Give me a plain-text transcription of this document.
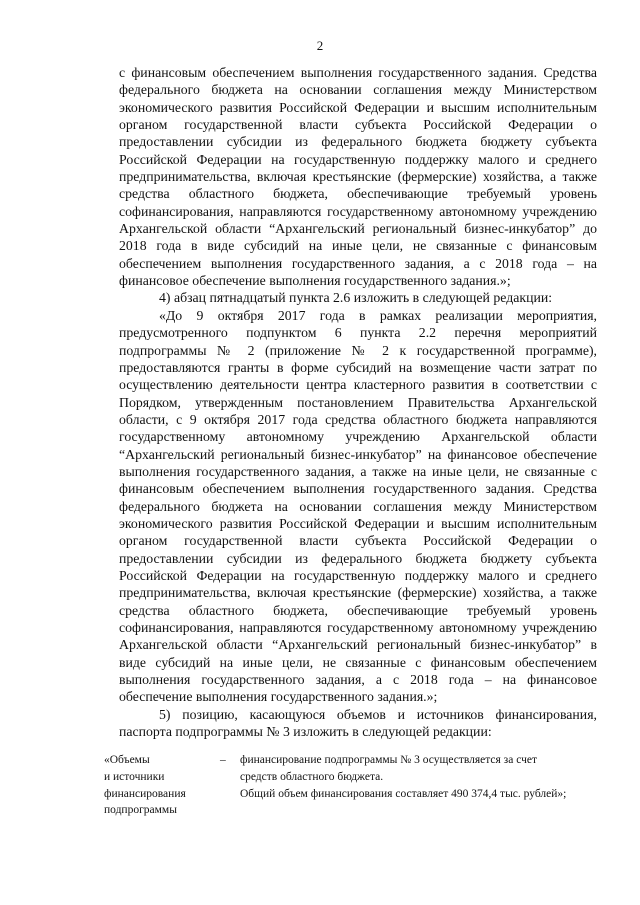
2

с финансовым обеспечением выполнения государственного задания. Средства федерального бюджета на основании соглашения между Министерством экономического развития Российской Федерации и высшим исполнительным органом государственной власти субъекта Российской Федерации о предоставлении субсидии из федерального бюджета бюджету субъекта Российской Федерации на государственную поддержку малого и среднего предпринимательства, включая крестьянские (фермерские) хозяйства, а также средства областного бюджета, обеспечивающие требуемый уровень софинансирования, направляются государственному автономному учреждению Архангельской области “Архангельский региональный бизнес-инкубатор” до 2018 года в виде субсидий на иные цели, не связанные с финансовым обеспечением выполнения государственного задания, а с 2018 года – на финансовое обеспечение выполнения государственного задания.»;

4) абзац пятнадцатый пункта 2.6 изложить в следующей редакции:

«До 9 октября 2017 года в рамках реализации мероприятия, предусмотренного подпунктом 6 пункта 2.2 перечня мероприятий подпрограммы № 2 (приложение № 2 к государственной программе), предоставляются гранты в форме субсидий на возмещение части затрат по осуществлению деятельности центра кластерного развития в соответствии с Порядком, утвержденным постановлением Правительства Архангельской области, с 9 октября 2017 года средства областного бюджета направляются государственному автономному учреждению Архангельской области “Архангельский региональный бизнес-инкубатор” на финансовое обеспечение выполнения государственного задания, а также на иные цели, не связанные с финансовым обеспечением выполнения государственного задания. Средства федерального бюджета на основании соглашения между Министерством экономического развития Российской Федерации и высшим исполнительным органом государственной власти субъекта Российской Федерации о предоставлении субсидии из федерального бюджета бюджету субъекта Российской Федерации на государственную поддержку малого и среднего предпринимательства, включая крестьянские (фермерские) хозяйства, а также средства областного бюджета, обеспечивающие требуемый уровень софинансирования, направляются государственному автономному учреждению Архангельской области “Архангельский региональный бизнес-инкубатор” в виде субсидий на иные цели, не связанные с финансовым обеспечением выполнения государственного задания, а с 2018 года – на финансовое обеспечение выполнения государственного задания.»;

5) позицию, касающуюся объемов и источников финансирования, паспорта подпрограммы № 3 изложить в следующей редакции:

«Объемы
и источники
финансирования
подпрограммы
–	финансирование подпрограммы № 3 осуществляется за счет
средств областного бюджета.
Общий объем финансирования составляет 490 374,4 тыс. рублей»;
